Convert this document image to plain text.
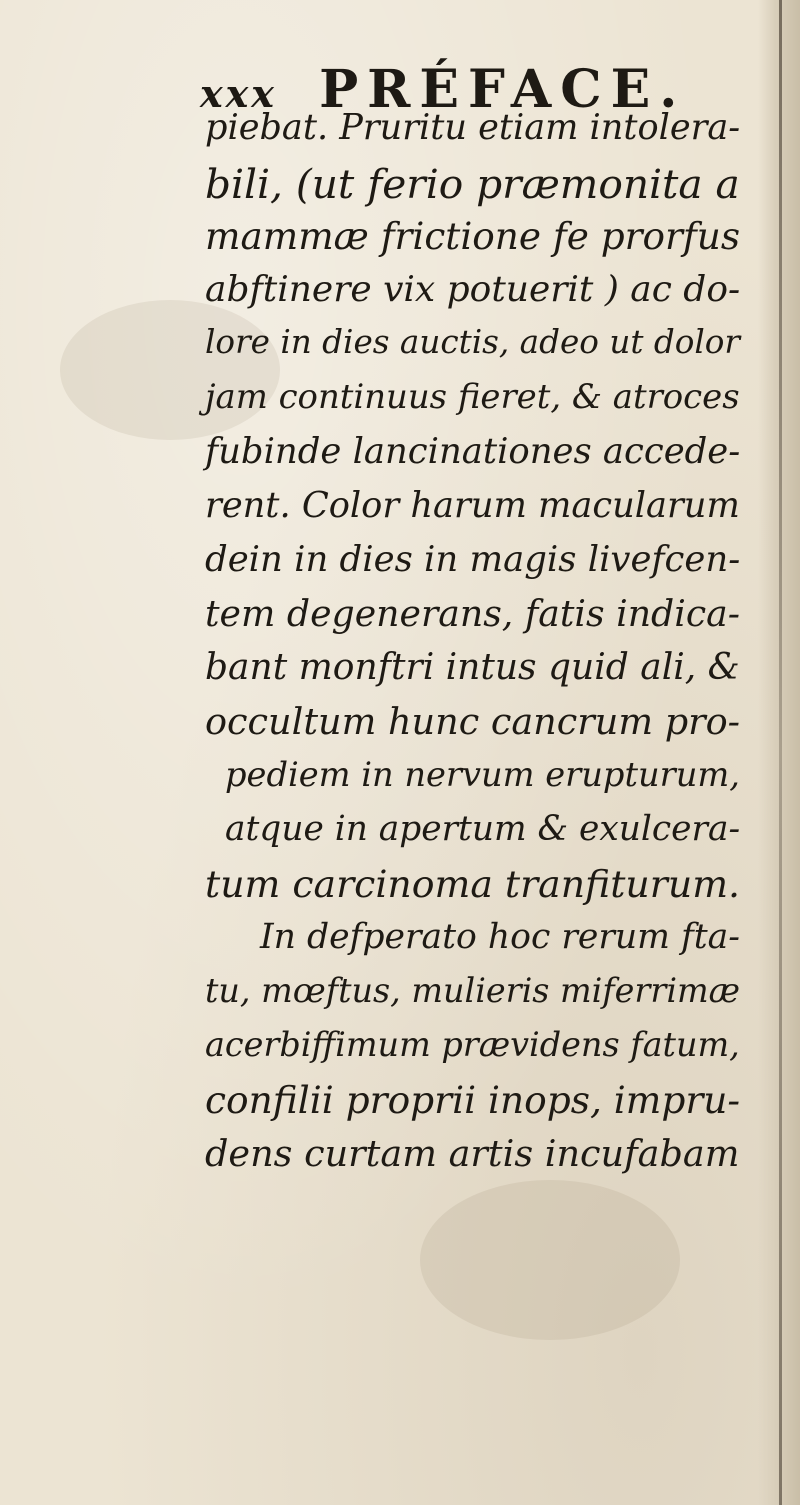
xxx PRÉFACE.
piebat. Pruritu etiam intolera-
bili, (ut ferio præmonita a
mammæ frictione fe prorfus
abftinere vix potuerit ) ac do-
lore in dies auctis, adeo ut dolor
jam continuus fieret, & atroces
fubinde lancinationes accede-
rent. Color harum macularum
dein in dies in magis livefcen-
tem degenerans, fatis indica-
bant monftri intus quid ali, &
occultum hunc cancrum pro-
pediem in nervum erupturum,
atque in apertum & exulcera-
tum carcinoma tranfiturum.
In defperato hoc rerum fta-
tu, mœftus, mulieris miferrimæ
acerbiffimum prævidens fatum,
confilii proprii inops, impru-
dens curtam artis incufabam
